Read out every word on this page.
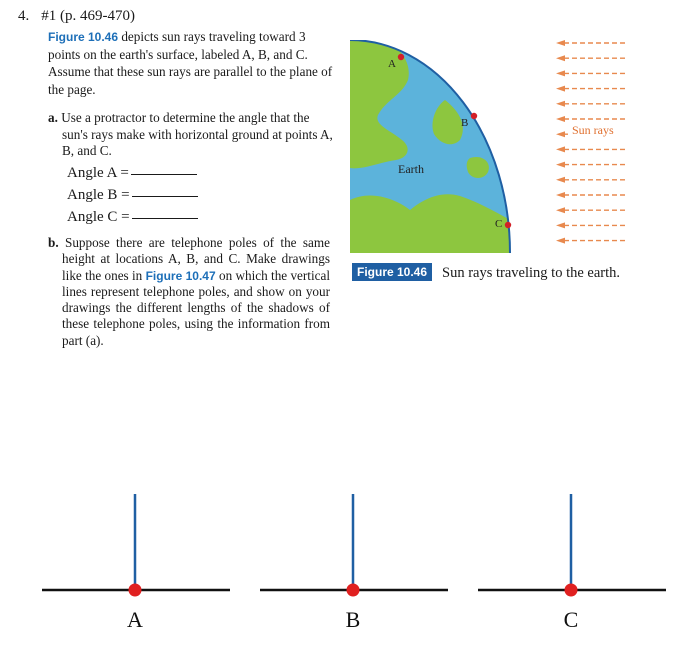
4. #1 (p. 469-470)
Figure 10.46 depicts sun rays traveling toward 3 points on the earth's surface, labeled A, B, and C. Assume that these sun rays are parallel to the plane of the page.
a. Use a protractor to determine the angle that the sun's rays make with horizontal ground at points A, B, and C.
Angle A =
Angle B =
Angle C =
b. Suppose there are telephone poles of the same height at locations A, B, and C. Make drawings like the ones in Figure 10.47 on which the vertical lines represent telephone poles, and show on your drawings the different lengths of the shadows of these telephone poles, using the information from part (a).
Earth
A
B
C
Sun rays
Figure 10.46 Sun rays traveling to the earth.
A	B	C
